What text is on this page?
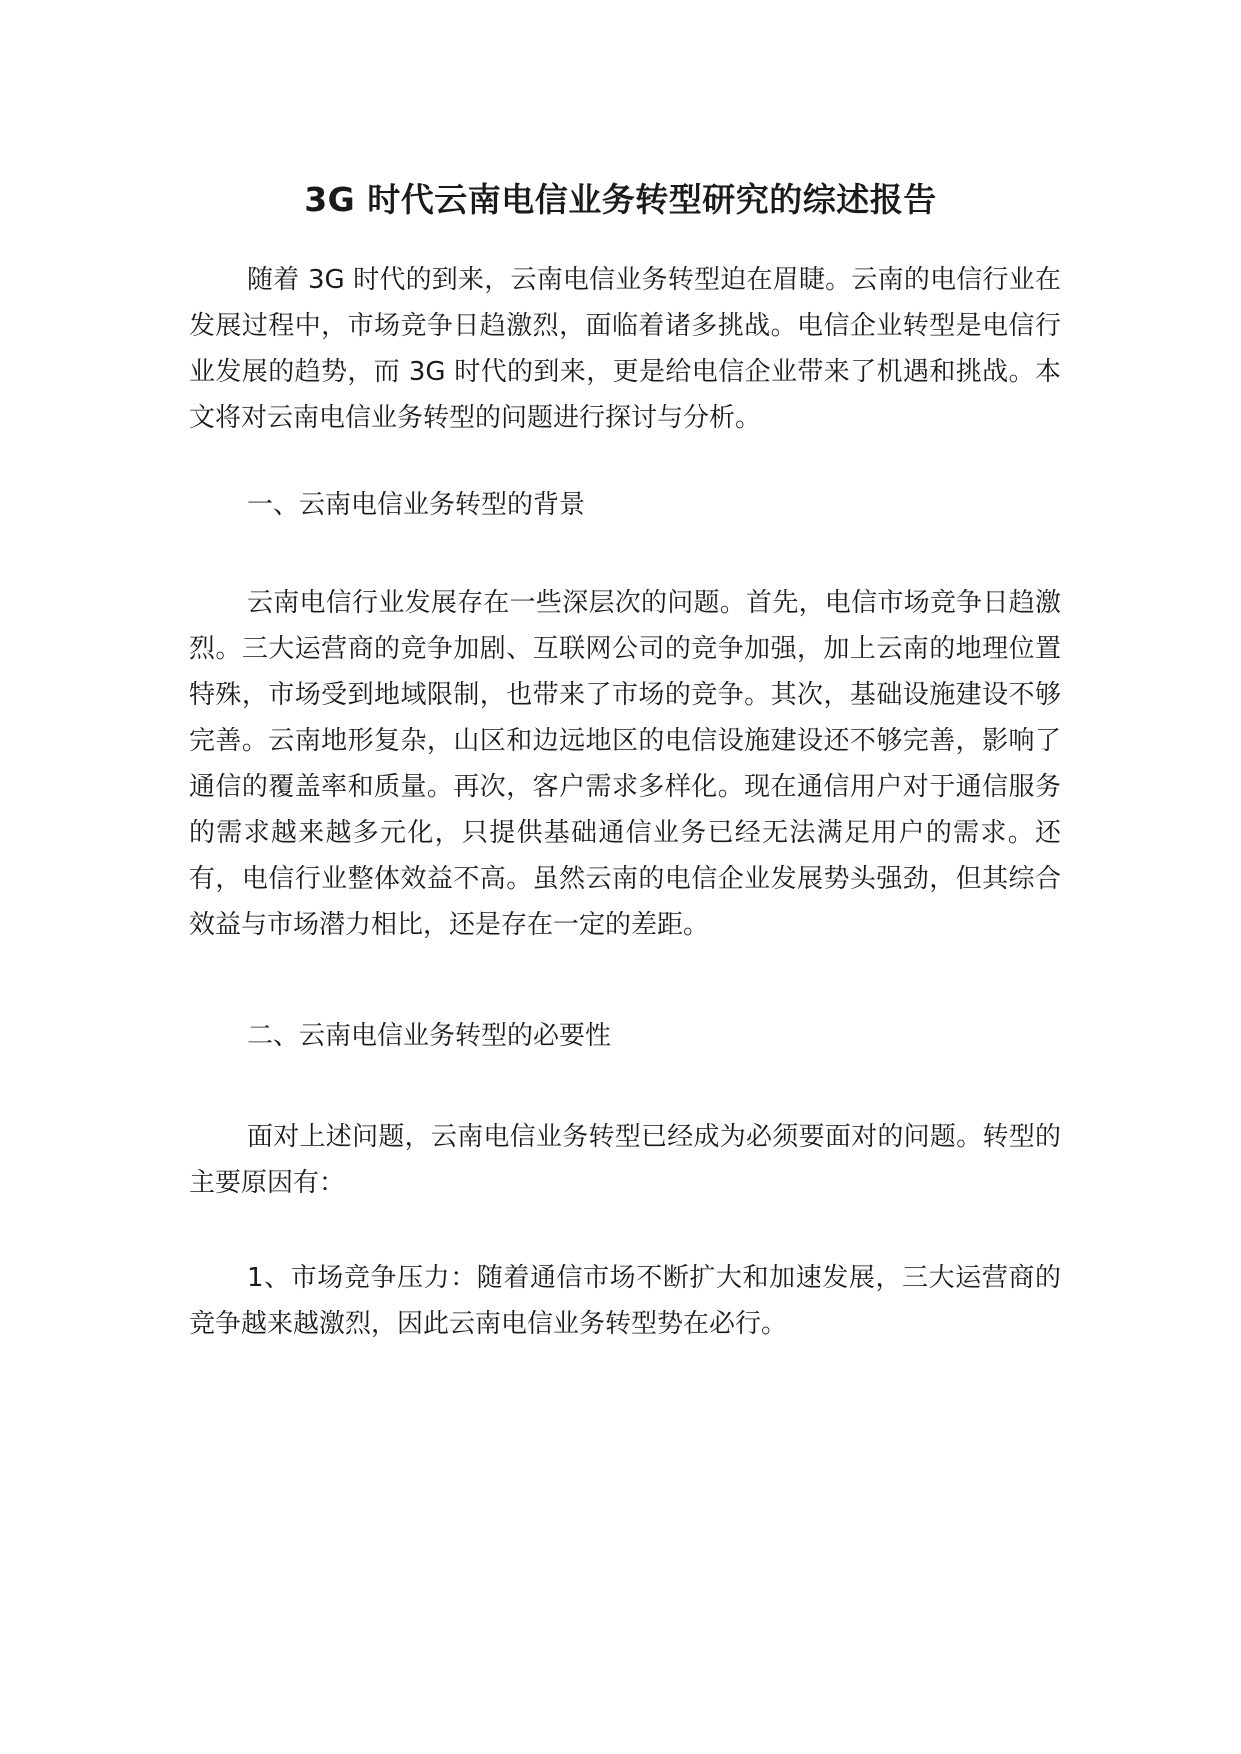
3G 时代云南电信业务转型研究的综述报告

随着 3G 时代的到来，云南电信业务转型迫在眉睫。云南的电信行业在发展过程中，市场竞争日趋激烈，面临着诸多挑战。电信企业转型是电信行业发展的趋势，而 3G 时代的到来，更是给电信企业带来了机遇和挑战。本文将对云南电信业务转型的问题进行探讨与分析。

一、云南电信业务转型的背景

云南电信行业发展存在一些深层次的问题。首先，电信市场竞争日趋激烈。三大运营商的竞争加剧、互联网公司的竞争加强，加上云南的地理位置特殊，市场受到地域限制，也带来了市场的竞争。其次，基础设施建设不够完善。云南地形复杂，山区和边远地区的电信设施建设还不够完善，影响了通信的覆盖率和质量。再次，客户需求多样化。现在通信用户对于通信服务的需求越来越多元化，只提供基础通信业务已经无法满足用户的需求。还有，电信行业整体效益不高。虽然云南的电信企业发展势头强劲，但其综合效益与市场潜力相比，还是存在一定的差距。

二、云南电信业务转型的必要性

面对上述问题，云南电信业务转型已经成为必须要面对的问题。转型的主要原因有：

1、市场竞争压力：随着通信市场不断扩大和加速发展，三大运营商的竞争越来越激烈，因此云南电信业务转型势在必行。
